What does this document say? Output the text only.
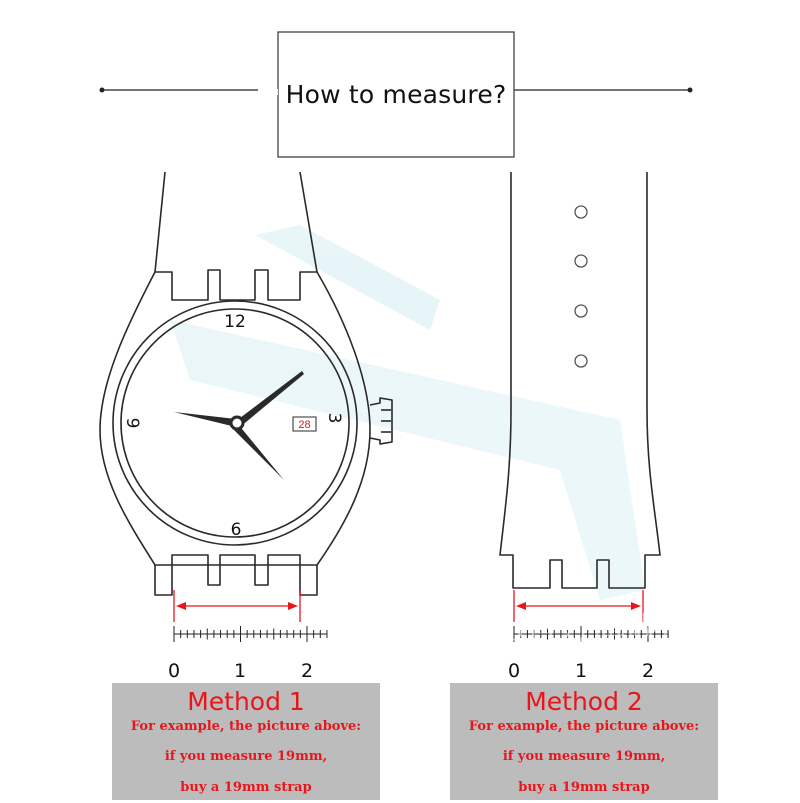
12
3
6
9	28
0	1	2	0	1	2
Mtio官方旗舰店
How to measure?
Method 1
For example, the picture above:
if you measure 19mm,
buy a 19mm strap
Method 2
For example, the picture above:
if you measure 19mm,
buy a 19mm strap
